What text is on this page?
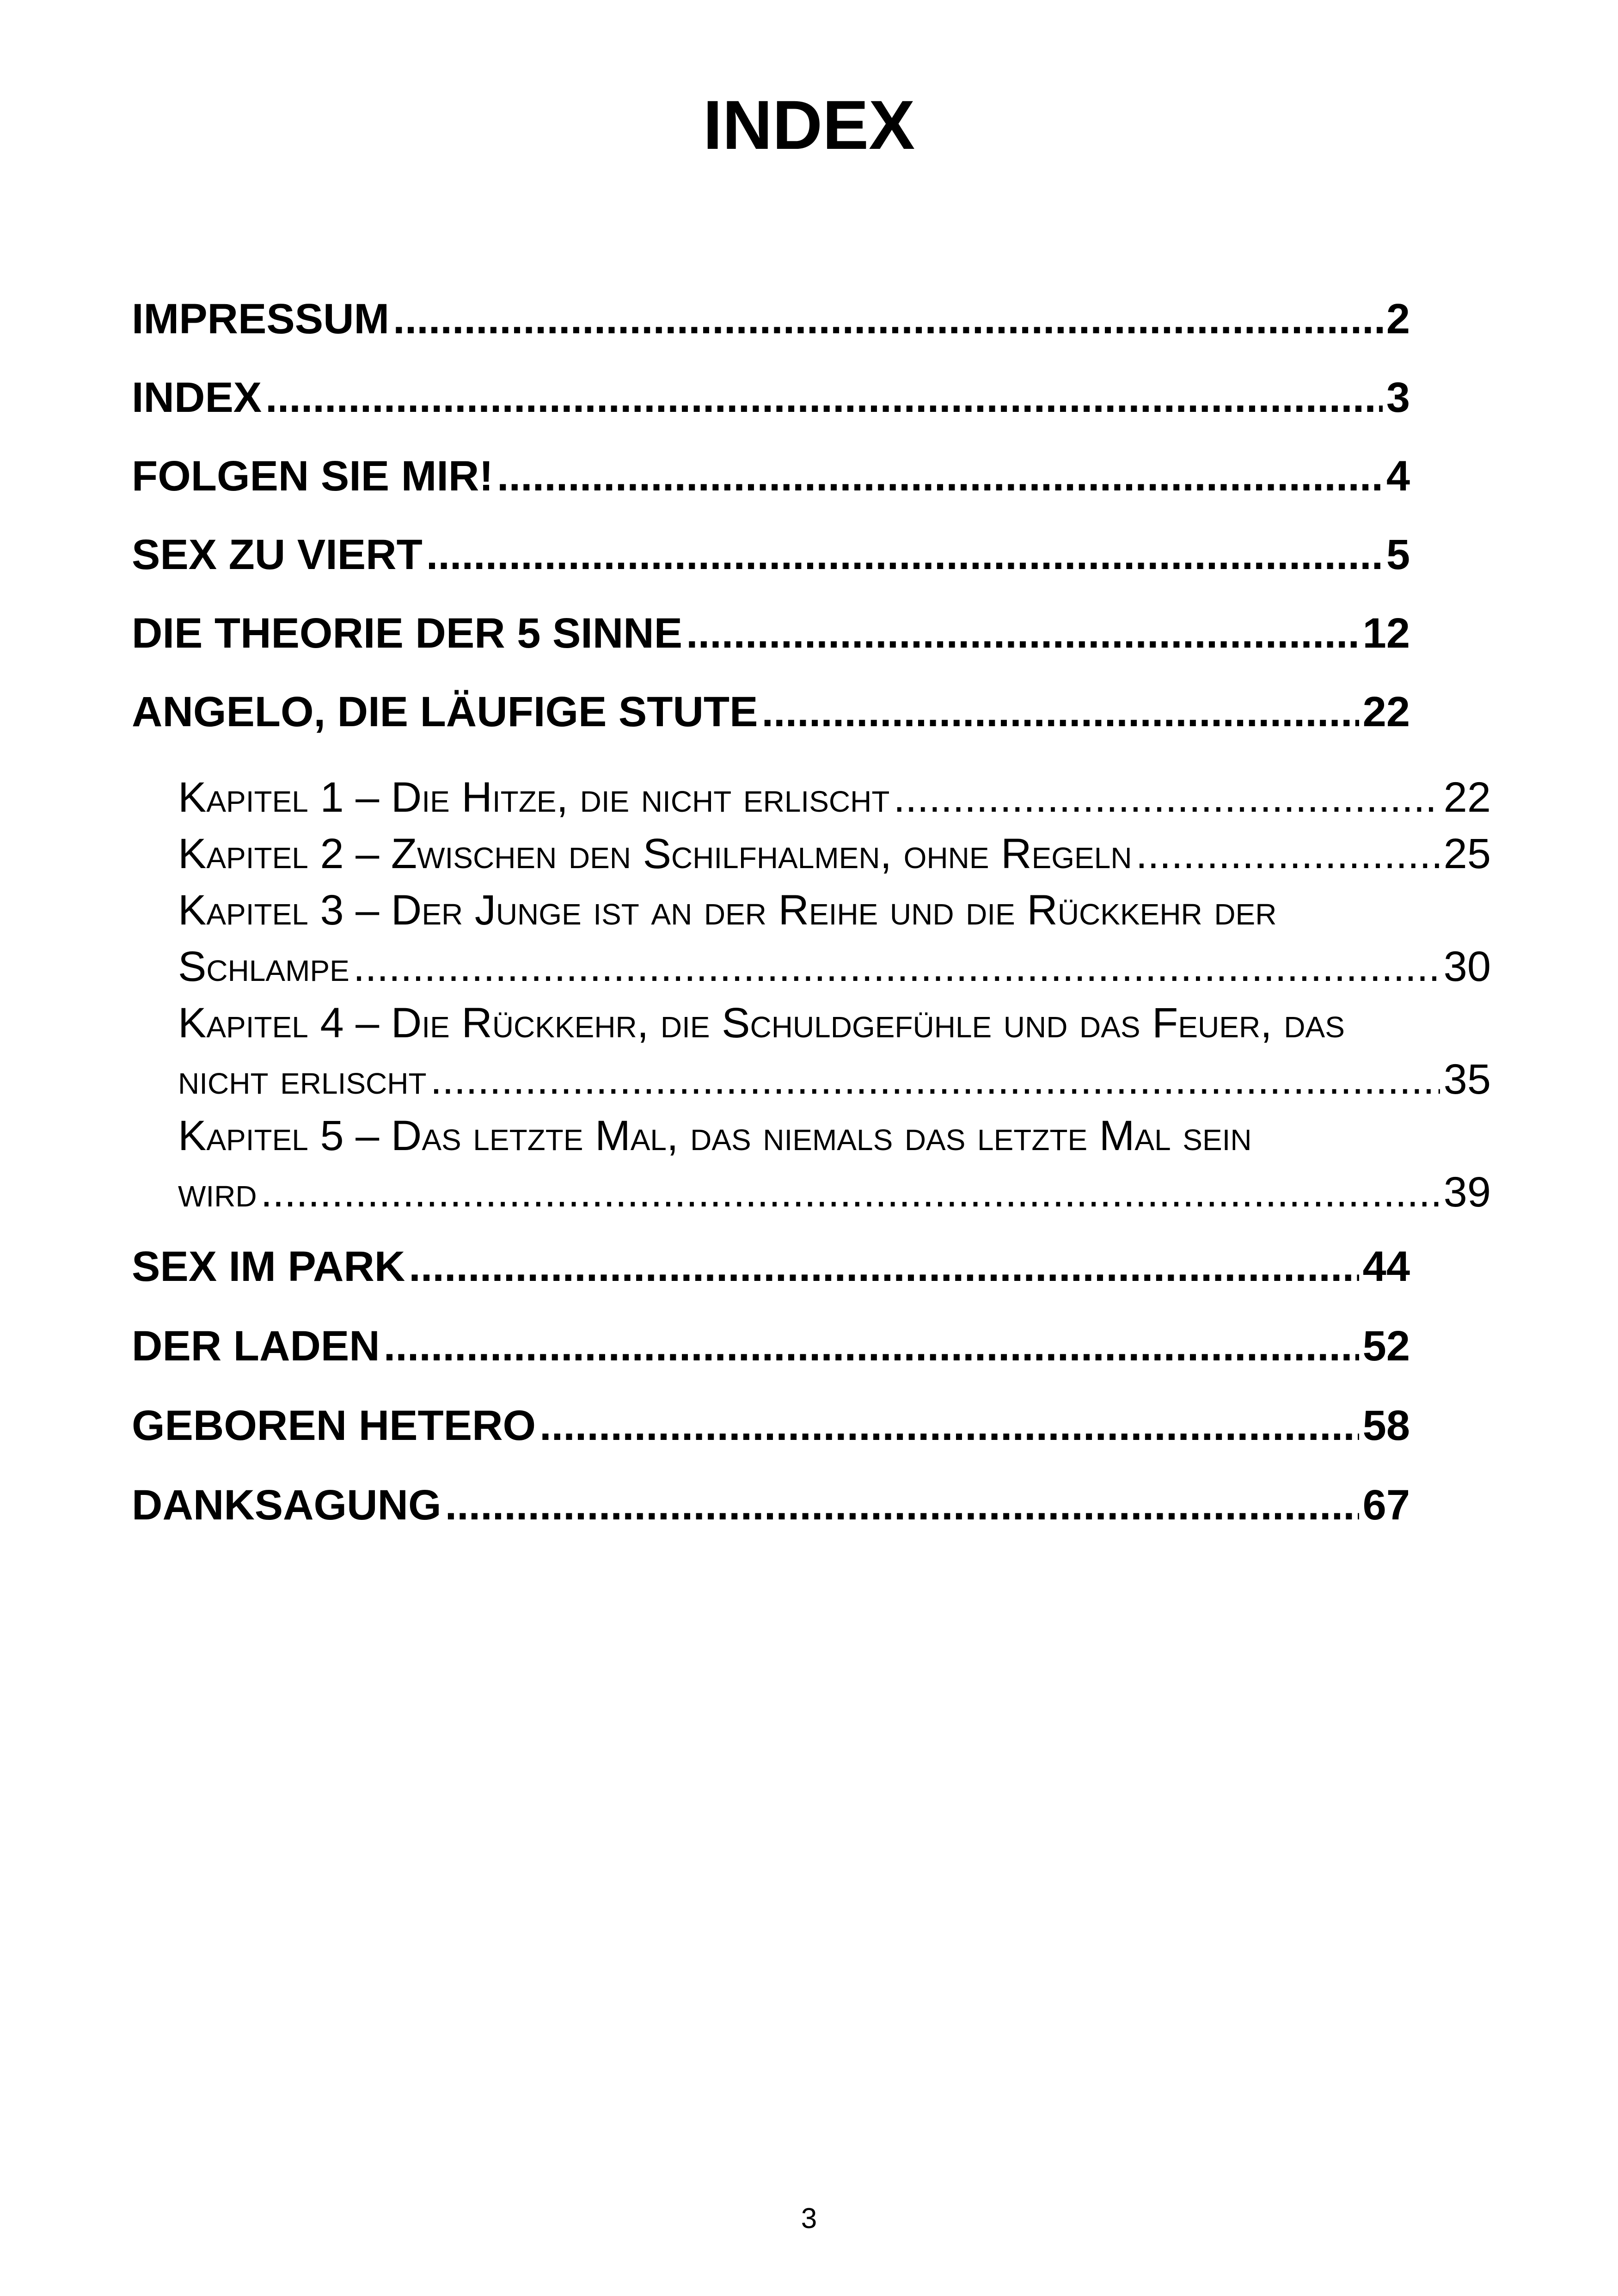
INDEX
IMPRESSUM .....	2
INDEX .....	3
FOLGEN SIE MIR! .....	4
SEX ZU VIERT .....	5
DIE THEORIE DER 5 SINNE .....	12
ANGELO, DIE LÄUFIGE STUTE .....	22
Kapitel 1 – Die Hitze, die nicht erlischt .....	22
Kapitel 2 – Zwischen den Schilfhalmen, ohne Regeln .....	25
Kapitel 3 – Der Junge ist an der Reihe und die Rückkehr der
Schlampe .....	30
Kapitel 4 – Die Rückkehr, die Schuldgefühle und das Feuer, das
nicht erlischt .....	35
Kapitel 5 – Das letzte Mal, das niemals das letzte Mal sein
wird .....	39
SEX IM PARK .....	44
DER LADEN .....	52
GEBOREN HETERO .....	58
DANKSAGUNG .....	67
3
